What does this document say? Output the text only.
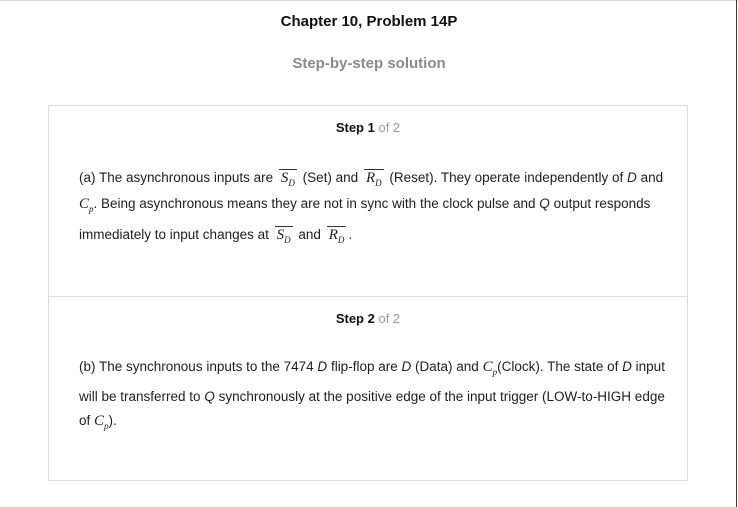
Chapter 10, Problem 14P
Step-by-step solution
Step 1 of 2
(a) The asynchronous inputs are $S_D$ (Set) and $R_D$ (Reset). They operate independently of D and $C_p$. Being asynchronous means they are not in sync with the clock pulse and Q output responds immediately to input changes at $S_D$ and $R_D$ .
Step 2 of 2
(b) The synchronous inputs to the 7474 D flip-flop are D (Data) and $C_p(Clock)$. The state of D input will be transferred to Q synchronously at the positive edge of the input trigger (LOW-to-HIGH edge of $C_p$).
